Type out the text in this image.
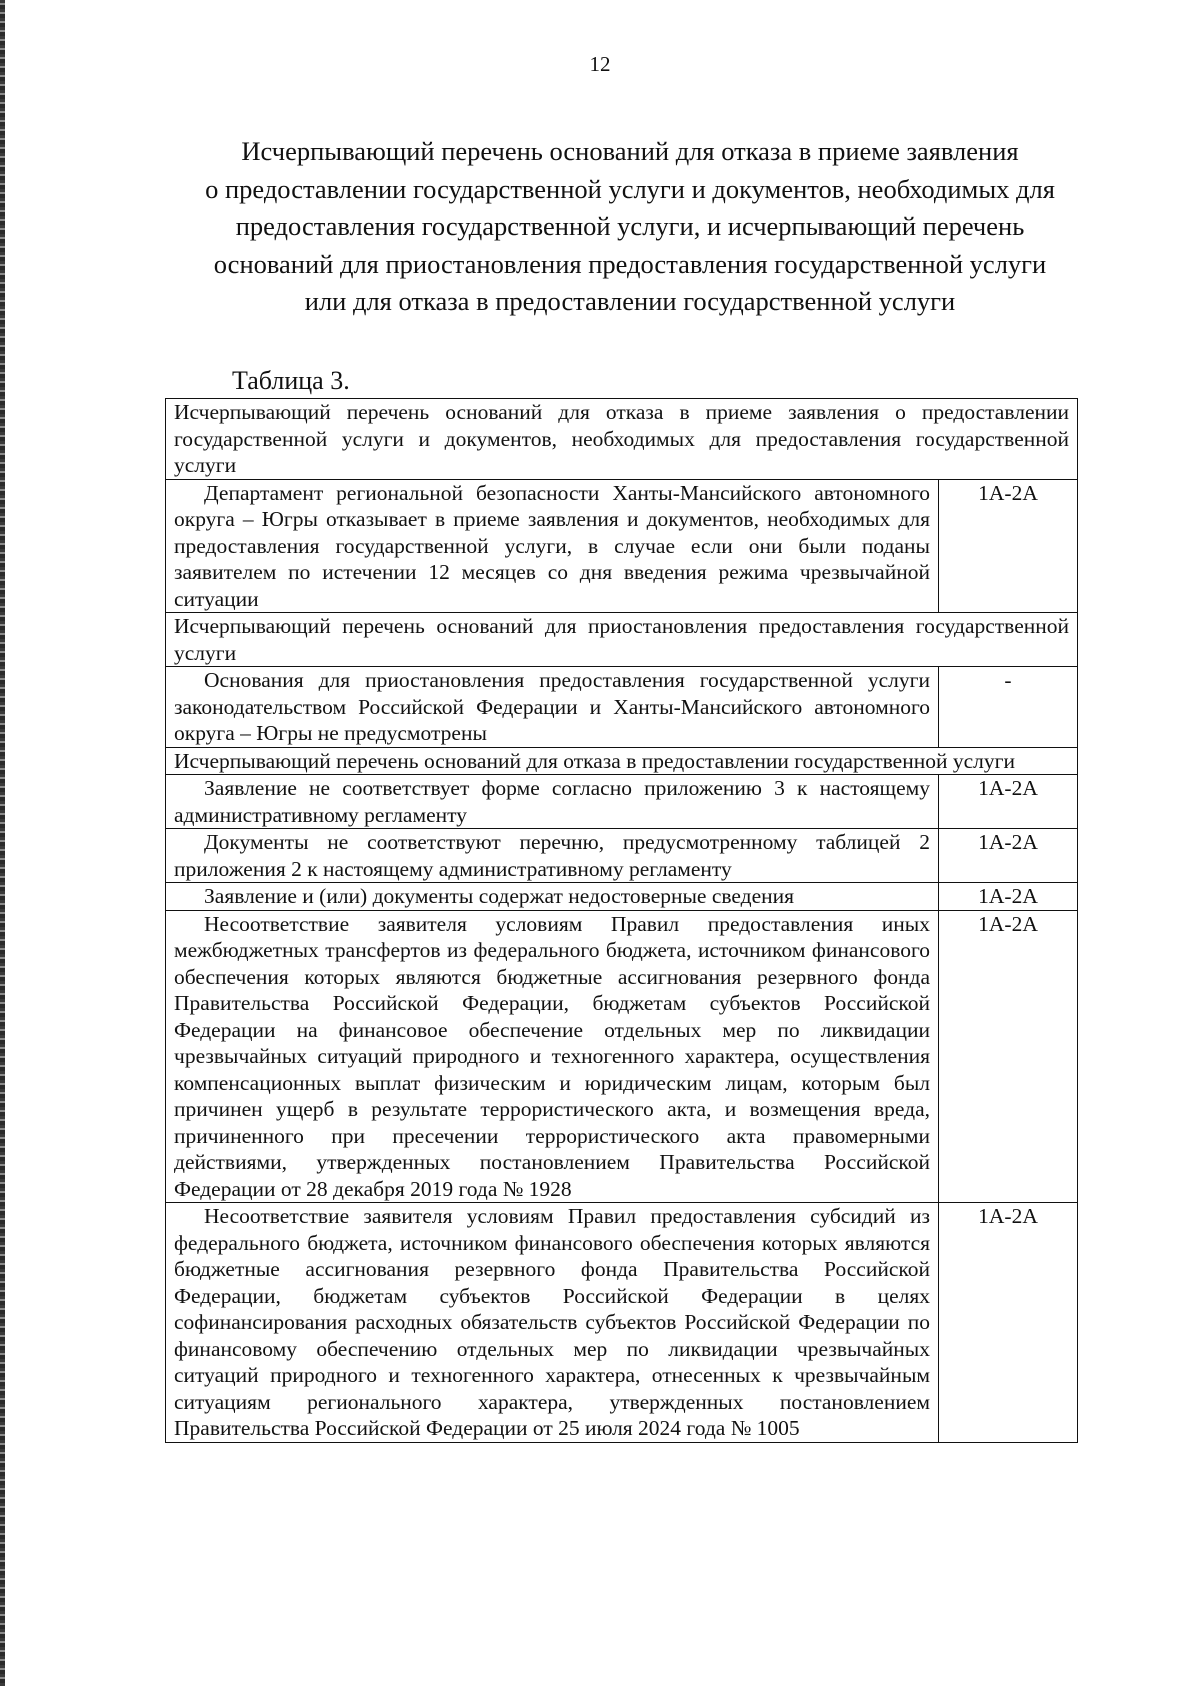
12
Исчерпывающий перечень оснований для отказа в приеме заявления
о предоставлении государственной услуги и документов, необходимых для
предоставления государственной услуги, и исчерпывающий перечень
оснований для приостановления предоставления государственной услуги
или для отказа в предоставлении государственной услуги
Таблица 3.
Исчерпывающий перечень оснований для отказа в приеме заявления о предоставлении государственной услуги и документов, необходимых для предоставления государственной услуги	
Департамент региональной безопасности Ханты-Мансийского автономного округа – Югры отказывает в приеме заявления и документов, необходимых для предоставления государственной услуги, в случае если они были поданы заявителем по истечении 12 месяцев со дня введения режима чрезвычайной ситуации	1А-2А
Исчерпывающий перечень оснований для приостановления предоставления государственной услуги	
Основания для приостановления предоставления государственной услуги законодательством Российской Федерации и Ханты-Мансийского автономного округа – Югры не предусмотрены	-
Исчерпывающий перечень оснований для отказа в предоставлении государственной услуги	
Заявление не соответствует форме согласно приложению 3 к настоящему административному регламенту	1А-2А
Документы не соответствуют перечню, предусмотренному таблицей 2 приложения 2 к настоящему административному регламенту	1А-2А
Заявление и (или) документы содержат недостоверные сведения	1А-2А
Несоответствие заявителя условиям Правил предоставления иных межбюджетных трансфертов из федерального бюджета, источником финансового обеспечения которых являются бюджетные ассигнования резервного фонда Правительства Российской Федерации, бюджетам субъектов Российской Федерации на финансовое обеспечение отдельных мер по ликвидации чрезвычайных ситуаций природного и техногенного характера, осуществления компенсационных выплат физическим и юридическим лицам, которым был причинен ущерб в результате террористического акта, и возмещения вреда, причиненного при пресечении террористического акта правомерными действиями, утвержденных постановлением Правительства Российской Федерации от 28 декабря 2019 года № 1928	1А-2А
Несоответствие заявителя условиям Правил предоставления субсидий из федерального бюджета, источником финансового обеспечения которых являются бюджетные ассигнования резервного фонда Правительства Российской Федерации, бюджетам субъектов Российской Федерации в целях софинансирования расходных обязательств субъектов Российской Федерации по финансовому обеспечению отдельных мер по ликвидации чрезвычайных ситуаций природного и техногенного характера, отнесенных к чрезвычайным ситуациям регионального характера, утвержденных постановлением Правительства Российской Федерации от 25 июля 2024 года № 1005	1А-2А
